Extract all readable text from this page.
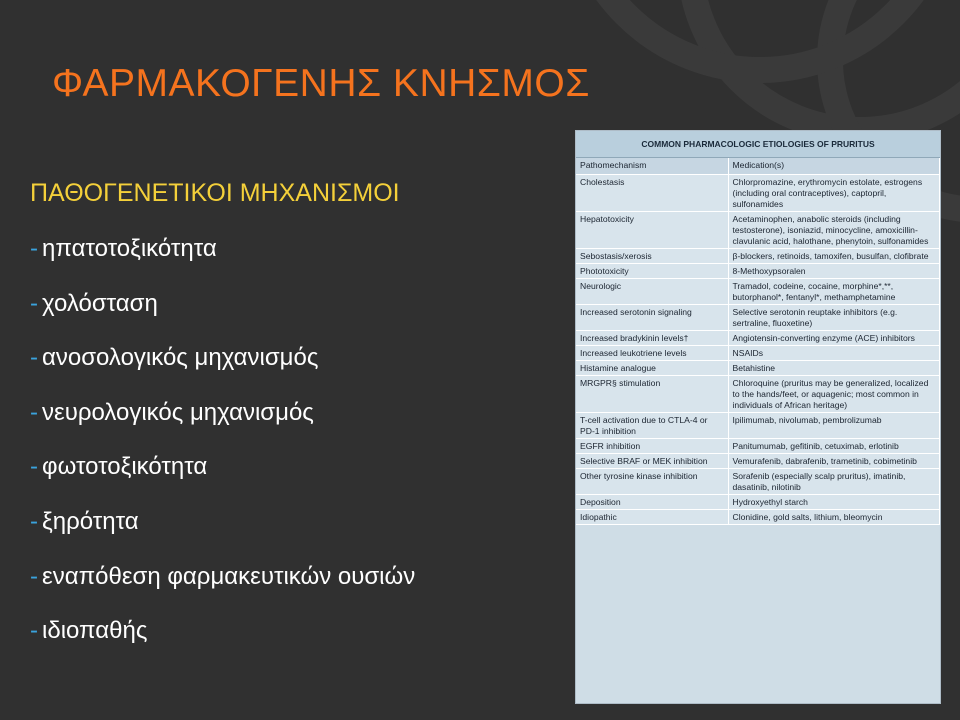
ΦΑΡΜΑΚΟΓΕΝΗΣ ΚΝΗΣΜΟΣ
ΠΑΘΟΓΕΝΕΤΙΚΟΙ ΜΗΧΑΝΙΣΜΟΙ
- ηπατοτοξικότητα
- χολόσταση
- ανοσολογικός μηχανισμός
- νευρολογικός μηχανισμός
- φωτοτοξικότητα
- ξηρότητα
- εναπόθεση φαρμακευτικών ουσιών
- ιδιοπαθής
COMMON PHARMACOLOGIC ETIOLOGIES OF PRURITUS
Pathomechanism	Medication(s)
Cholestasis	Chlorpromazine, erythromycin estolate, estrogens (including oral contraceptives), captopril, sulfonamides
Hepatotoxicity	Acetaminophen, anabolic steroids (including testosterone), isoniazid, minocycline, amoxicillin-clavulanic acid, halothane, phenytoin, sulfonamides
Sebostasis/xerosis	β-blockers, retinoids, tamoxifen, busulfan, clofibrate
Phototoxicity	8-Methoxypsoralen
Neurologic	Tramadol, codeine, cocaine, morphine*,**, butorphanol*, fentanyl*, methamphetamine
Increased serotonin signaling	Selective serotonin reuptake inhibitors (e.g. sertraline, fluoxetine)
Increased bradykinin levels†	Angiotensin-converting enzyme (ACE) inhibitors
Increased leukotriene levels	NSAIDs
Histamine analogue	Betahistine
MRGPR§ stimulation	Chloroquine (pruritus may be generalized, localized to the hands/feet, or aquagenic; most common in individuals of African heritage)
T-cell activation due to CTLA-4 or PD-1 inhibition	Ipilimumab, nivolumab, pembrolizumab
EGFR inhibition	Panitumumab, gefitinib, cetuximab, erlotinib
Selective BRAF or MEK inhibition	Vemurafenib, dabrafenib, trametinib, cobimetinib
Other tyrosine kinase inhibition	Sorafenib (especially scalp pruritus), imatinib, dasatinib, nilotinib
Deposition	Hydroxyethyl starch
Idiopathic	Clonidine, gold salts, lithium, bleomycin
